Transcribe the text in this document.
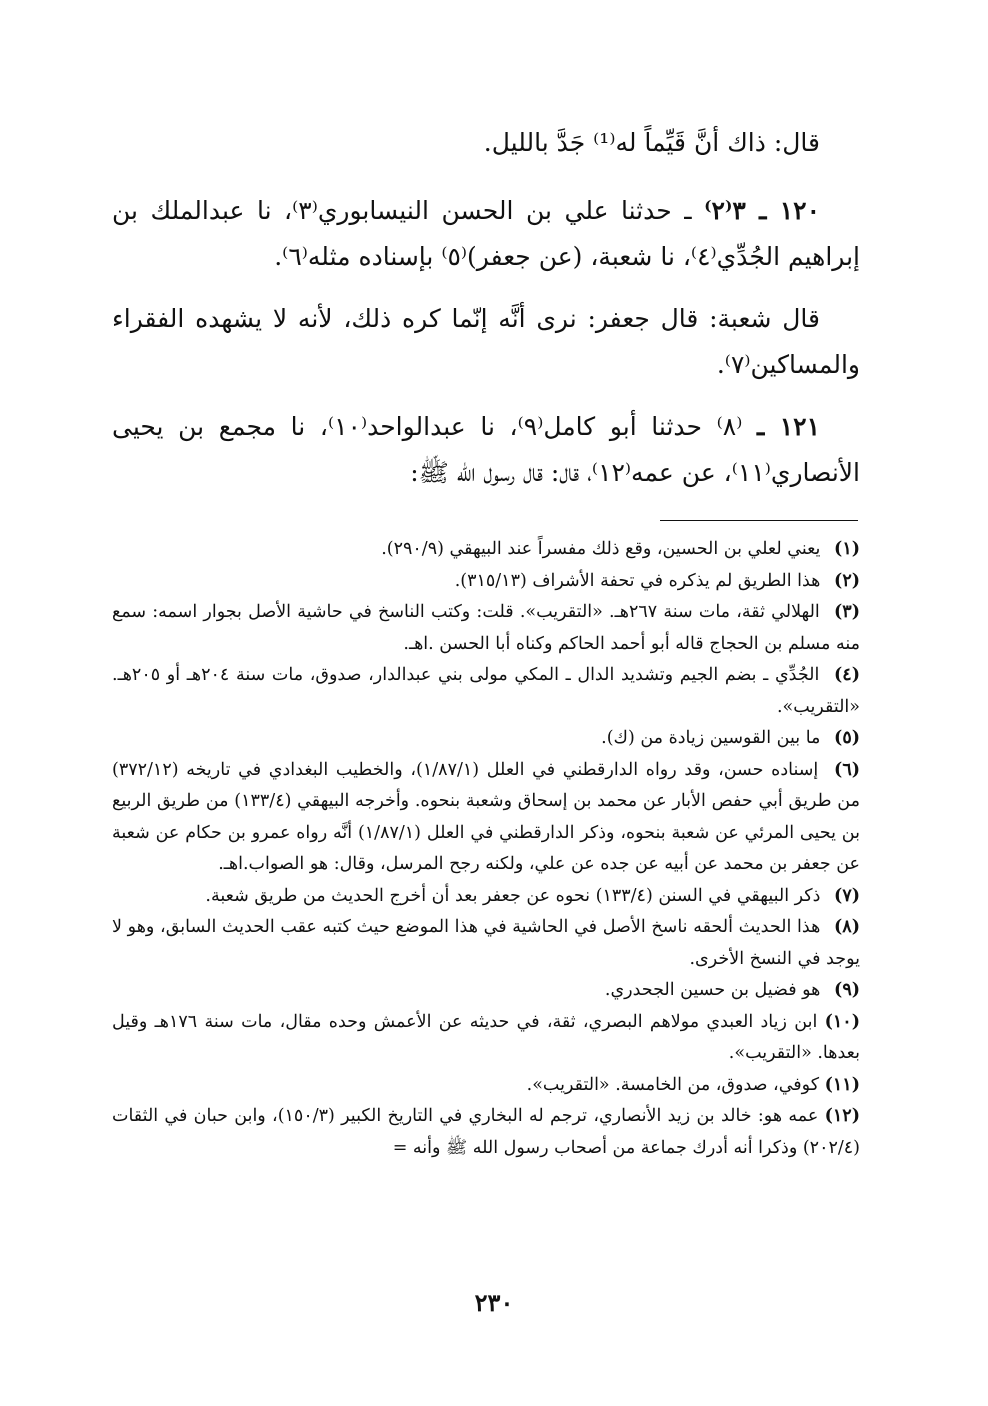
قال: ذاك أنَّ قَيِّماً له⁽¹⁾ جَدَّ بالليل.

١٢٠ ـ ٣⁽٢⁾ ـ حدثنا علي بن الحسن النيسابوري⁽٣⁾، نا عبدالملك بن إبراهيم الجُدِّي⁽٤⁾، نا شعبة، (عن جعفر)⁽٥⁾ بإسناده مثله⁽٦⁾.

قال شعبة: قال جعفر: نرى أنَّه إنّما كره ذلك، لأنه لا يشهده الفقراء والمساكين⁽٧⁾.

١٢١ ـ ⁽٨⁾ حدثنا أبو كامل⁽٩⁾، نا عبدالواحد⁽١٠⁾، نا مجمع بن يحيى الأنصاري⁽١١⁾، عن عمه⁽١٢⁾، قال: قال رسول الله ﷺ:

(١) يعني لعلي بن الحسين، وقع ذلك مفسراً عند البيهقي (٢٩٠/٩).

(٢) هذا الطريق لم يذكره في تحفة الأشراف (٣١٥/١٣).

(٣) الهلالي ثقة، مات سنة ٢٦٧هـ. «التقريب». قلت: وكتب الناسخ في حاشية الأصل بجوار اسمه: سمع منه مسلم بن الحجاج قاله أبو أحمد الحاكم وكناه أبا الحسن .اهـ.

(٤) الجُدِّي ـ بضم الجيم وتشديد الدال ـ المكي مولى بني عبدالدار، صدوق، مات سنة ٢٠٤هـ أو ٢٠٥هـ. «التقريب».

(٥) ما بين القوسين زيادة من (ك).

(٦) إسناده حسن، وقد رواه الدارقطني في العلل (١/٨٧/١)، والخطيب البغدادي في تاريخه (٣٧٢/١٢) من طريق أبي حفص الأبار عن محمد بن إسحاق وشعبة بنحوه. وأخرجه البيهقي (١٣٣/٤) من طريق الربيع بن يحيى المرئي عن شعبة بنحوه، وذكر الدارقطني في العلل (١/٨٧/١) أنَّه رواه عمرو بن حكام عن شعبة عن جعفر بن محمد عن أبيه عن جده عن علي، ولكنه رجح المرسل، وقال: هو الصواب.اهـ.

(٧) ذكر البيهقي في السنن (١٣٣/٤) نحوه عن جعفر بعد أن أخرج الحديث من طريق شعبة.

(٨) هذا الحديث ألحقه ناسخ الأصل في الحاشية في هذا الموضع حيث كتبه عقب الحديث السابق، وهو لا يوجد في النسخ الأخرى.

(٩) هو فضيل بن حسين الجحدري.

(١٠) ابن زياد العبدي مولاهم البصري، ثقة، في حديثه عن الأعمش وحده مقال، مات سنة ١٧٦هـ وقيل بعدها. «التقريب».

(١١) كوفي، صدوق، من الخامسة. «التقريب».

(١٢) عمه هو: خالد بن زيد الأنصاري، ترجم له البخاري في التاريخ الكبير (١٥٠/٣)، وابن حبان في الثقات (٢٠٢/٤) وذكرا أنه أدرك جماعة من أصحاب رسول الله ﷺ وأنه =

٢٣٠
